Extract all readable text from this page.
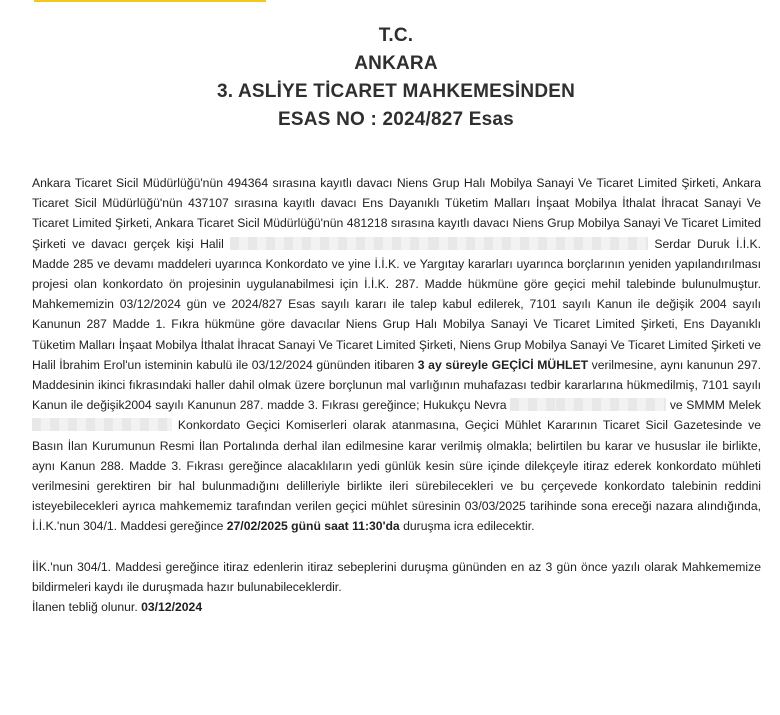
T.C.
ANKARA
3. ASLİYE TİCARET MAHKEMESİNDEN
ESAS NO : 2024/827 Esas

Ankara Ticaret Sicil Müdürlüğü'nün 494364 sırasına kayıtlı davacı Niens Grup Halı Mobilya Sanayi Ve Ticaret Limited Şirketi, Ankara Ticaret Sicil Müdürlüğü'nün 437107 sırasına kayıtlı davacı Ens Dayanıklı Tüketim Malları İnşaat Mobilya İthalat İhracat Sanayi Ve Ticaret Limited Şirketi, Ankara Ticaret Sicil Müdürlüğü'nün 481218 sırasına kayıtlı davacı Niens Grup Mobilya Sanayi Ve Ticaret Limited Şirketi ve davacı gerçek kişi Halil	Serdar Duruk İ.İ.K. Madde 285 ve devamı maddeleri uyarınca Konkordato ve yine İ.İ.K. ve Yargıtay kararları uyarınca borçlarının yeniden yapılandırılması projesi olan konkordato ön projesinin uygulanabilmesi için İ.İ.K. 287. Madde hükmüne göre geçici mehil talebinde bulunulmuştur. Mahkememizin 03/12/2024 gün ve 2024/827 Esas sayılı kararı ile talep kabul edilerek, 7101 sayılı Kanun ile değişik 2004 sayılı Kanunun 287 Madde 1. Fıkra hükmüne göre davacılar Niens Grup Halı Mobilya Sanayi Ve Ticaret Limited Şirketi, Ens Dayanıklı Tüketim Malları İnşaat Mobilya İthalat İhracat Sanayi Ve Ticaret Limited Şirketi, Niens Grup Mobilya Sanayi Ve Ticaret Limited Şirketi ve Halil İbrahim Erol'un isteminin kabulü ile 03/12/2024 gününden itibaren 3 ay süreyle GEÇİCİ MÜHLET verilmesine, aynı kanunun 297. Maddesinin ikinci fıkrasındaki haller dahil olmak üzere borçlunun mal varlığının muhafazası tedbir kararlarına hükmedilmiş, 7101 sayılı Kanun ile değişik2004 sayılı Kanunun 287. madde 3. Fıkrası gereğince; Hukukçu Nevra	ve SMMM Melek  Konkordato Geçici Komiserleri olarak atanmasına, Geçici Mühlet Kararının Ticaret Sicil Gazetesinde ve Basın İlan Kurumunun Resmi İlan Portalında derhal ilan edilmesine karar verilmiş olmakla; belirtilen bu karar ve hususlar ile birlikte, aynı Kanun 288. Madde 3. Fıkrası gereğince alacaklıların yedi günlük kesin süre içinde dilekçeyle itiraz ederek konkordato mühleti verilmesini gerektiren bir hal bulunmadığını delilleriyle birlikte ileri sürebilecekleri ve bu çerçevede konkordato talebinin reddini isteyebilecekleri ayrıca mahkememiz tarafından verilen geçici mühlet süresinin 03/03/2025 tarihinde sona ereceği nazara alındığında, İ.İ.K.'nun 304/1. Maddesi gereğince 27/02/2025 günü saat 11:30'da duruşma icra edilecektir.

İİK.'nun 304/1. Maddesi gereğince itiraz edenlerin itiraz sebeplerini duruşma gününden en az 3 gün önce yazılı olarak Mahkememize bildirmeleri kaydı ile duruşmada hazır bulunabileceklerdir.

İlanen tebliğ olunur. 03/12/2024
